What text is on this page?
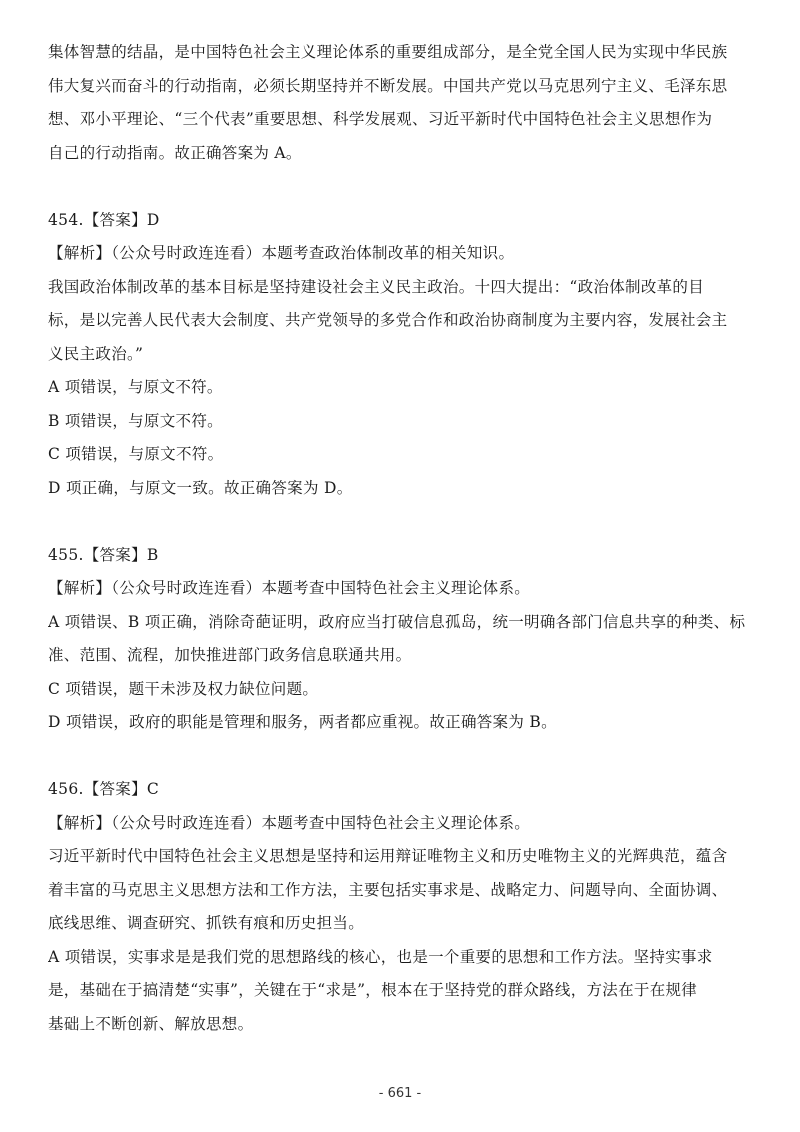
集体智慧的结晶，是中国特色社会主义理论体系的重要组成部分，是全党全国人民为实现中华民族
伟大复兴而奋斗的行动指南，必须长期坚持并不断发展。中国共产党以马克思列宁主义、毛泽东思
想、邓小平理论、“三个代表”重要思想、科学发展观、习近平新时代中国特色社会主义思想作为
自己的行动指南。故正确答案为 A。
454.【答案】D
【解析】（公众号时政连连看）本题考查政治体制改革的相关知识。
我国政治体制改革的基本目标是坚持建设社会主义民主政治。十四大提出：“政治体制改革的目
标，是以完善人民代表大会制度、共产党领导的多党合作和政治协商制度为主要内容，发展社会主
义民主政治。”
A 项错误，与原文不符。
B 项错误，与原文不符。
C 项错误，与原文不符。
D 项正确，与原文一致。故正确答案为 D。
455.【答案】B
【解析】（公众号时政连连看）本题考查中国特色社会主义理论体系。
A 项错误、B 项正确，消除奇葩证明，政府应当打破信息孤岛，统一明确各部门信息共享的种类、标
准、范围、流程，加快推进部门政务信息联通共用。
C 项错误，题干未涉及权力缺位问题。
D 项错误，政府的职能是管理和服务，两者都应重视。故正确答案为 B。
456.【答案】C
【解析】（公众号时政连连看）本题考查中国特色社会主义理论体系。
习近平新时代中国特色社会主义思想是坚持和运用辩证唯物主义和历史唯物主义的光辉典范，蕴含
着丰富的马克思主义思想方法和工作方法，主要包括实事求是、战略定力、问题导向、全面协调、
底线思维、调查研究、抓铁有痕和历史担当。
A 项错误，实事求是是我们党的思想路线的核心，也是一个重要的思想和工作方法。坚持实事求
是，基础在于搞清楚“实事”，关键在于“求是”，根本在于坚持党的群众路线，方法在于在规律
基础上不断创新、解放思想。
- 661 -
